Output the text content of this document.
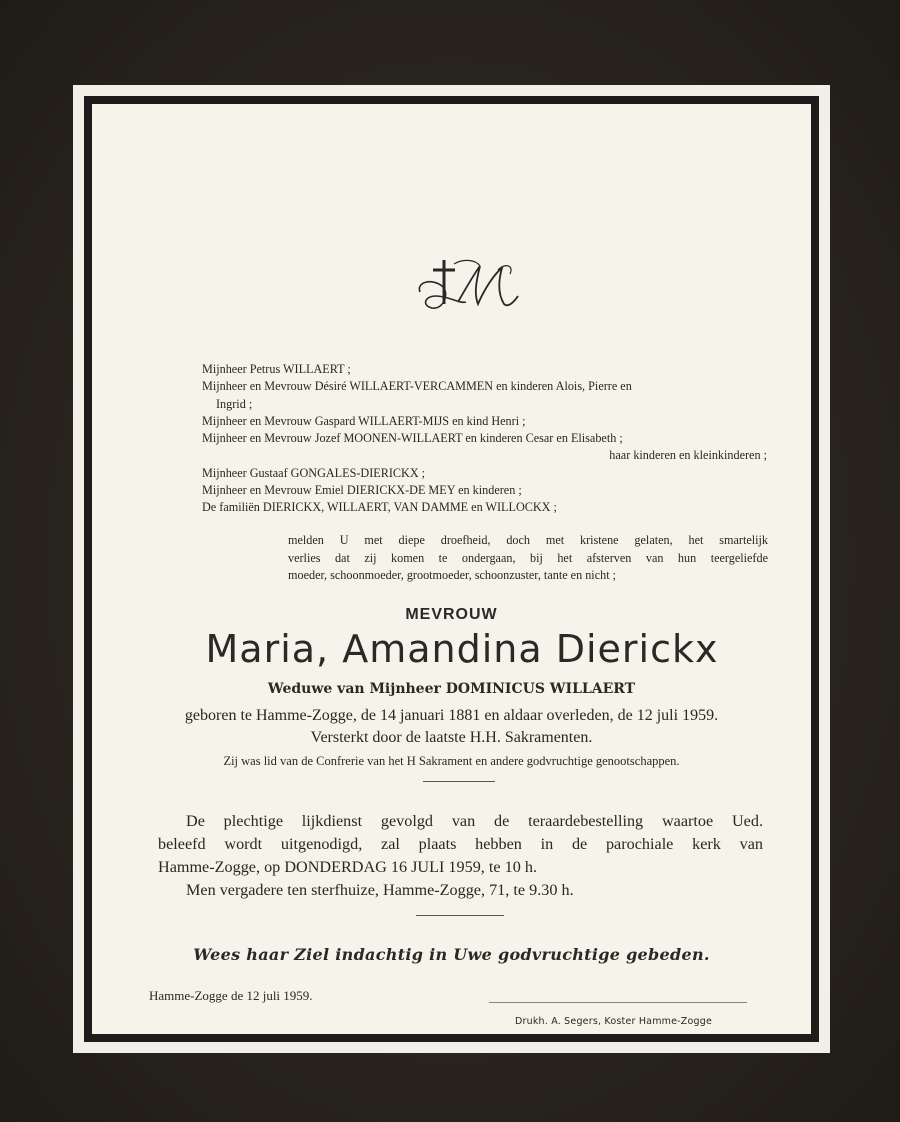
Mijnheer Petrus WILLAERT ;
Mijnheer en Mevrouw Désiré WILLAERT-VERCAMMEN en kinderen Alois, Pierre en
Ingrid ;
Mijnheer en Mevrouw Gaspard WILLAERT-MIJS en kind Henri ;
Mijnheer en Mevrouw Jozef MOONEN-WILLAERT en kinderen Cesar en Elisabeth ;
haar kinderen en kleinkinderen ;
Mijnheer Gustaaf GONGALES-DIERICKX ;
Mijnheer en Mevrouw Emiel DIERICKX-DE MEY en kinderen ;
De familiën DIERICKX, WILLAERT, VAN DAMME en WILLOCKX ;
melden U met diepe droefheid, doch met kristene gelaten, het smartelijk
verlies dat zij komen te ondergaan, bij het afsterven van hun teergeliefde
moeder, schoonmoeder, grootmoeder, schoonzuster, tante en nicht ;
MEVROUW
Maria, Amandina Dierickx
Weduwe van Mijnheer DOMINICUS WILLAERT
geboren te Hamme-Zogge, de 14 januari 1881 en aldaar overleden, de 12 juli 1959.
Versterkt door de laatste H.H. Sakramenten.
Zij was lid van de Confrerie van het H Sakrament en andere godvruchtige genootschappen.
De plechtige lijkdienst gevolgd van de teraardebestelling waartoe Ued.
beleefd wordt uitgenodigd, zal plaats hebben in de parochiale kerk van
Hamme-Zogge, op DONDERDAG 16 JULI 1959, te 10 h.
Men vergadere ten sterfhuize, Hamme-Zogge, 71, te 9.30 h.
Wees haar Ziel indachtig in Uwe godvruchtige gebeden.
Hamme-Zogge de 12 juli 1959.
Drukh. A. Segers, Koster Hamme-Zogge
